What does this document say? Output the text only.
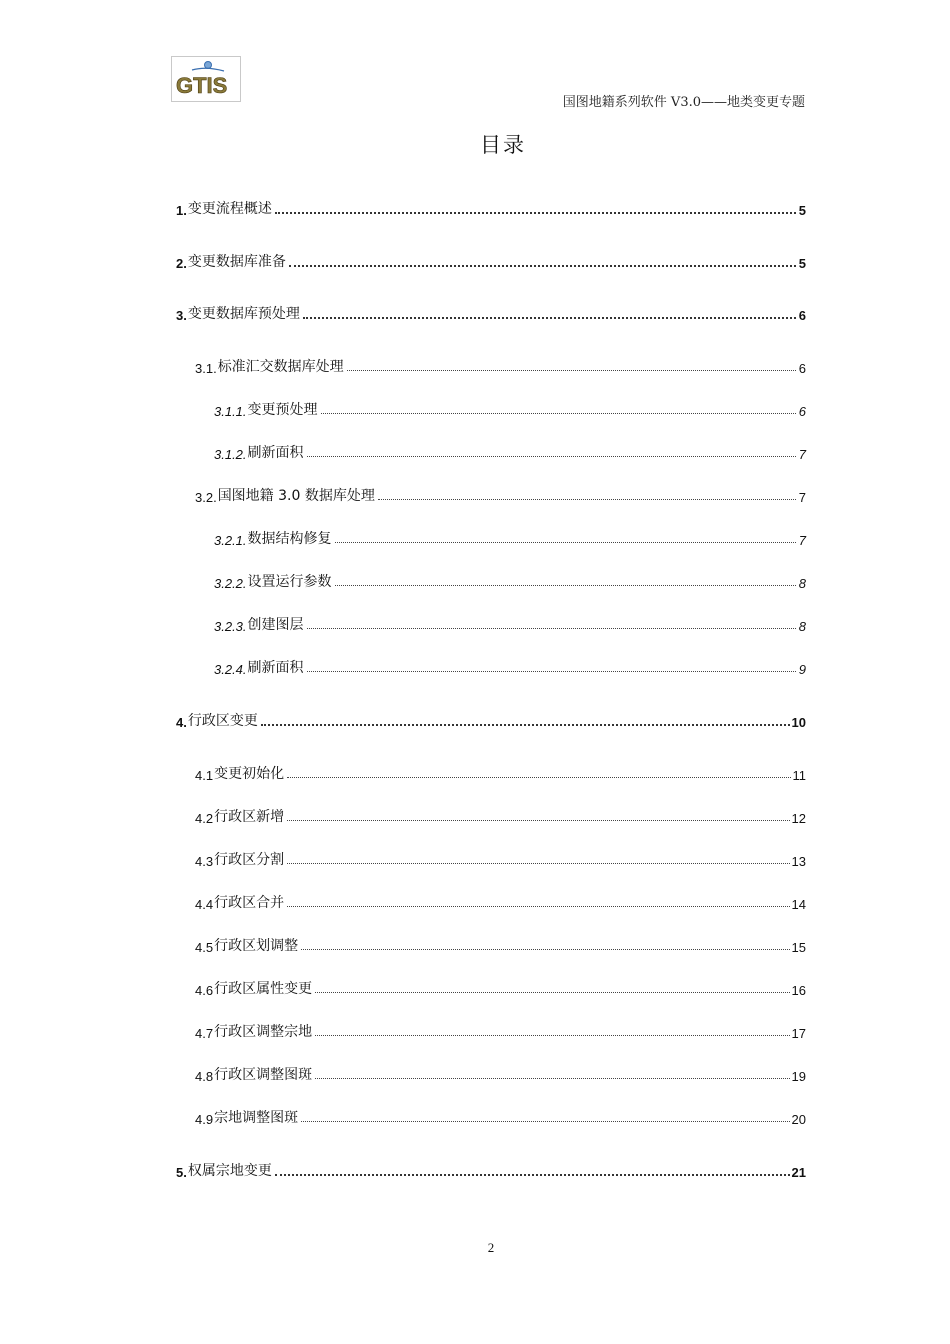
GTIS
国图地籍系列软件 V3.0——地类变更专题
目录
1. 变更流程概述	5
2. 变更数据库准备	5
3. 变更数据库预处理	6
3.1. 标准汇交数据库处理	6
3.1.1. 变更预处理	6
3.1.2. 刷新面积	7
3.2. 国图地籍 3.0 数据库处理	7
3.2.1. 数据结构修复	7
3.2.2. 设置运行参数	8
3.2.3. 创建图层	8
3.2.4. 刷新面积	9
4. 行政区变更	10
4.1 变更初始化	11
4.2 行政区新增	12
4.3 行政区分割	13
4.4 行政区合并	14
4.5 行政区划调整	15
4.6 行政区属性变更	16
4.7 行政区调整宗地	17
4.8 行政区调整图斑	19
4.9 宗地调整图斑	20
5. 权属宗地变更	21
2
